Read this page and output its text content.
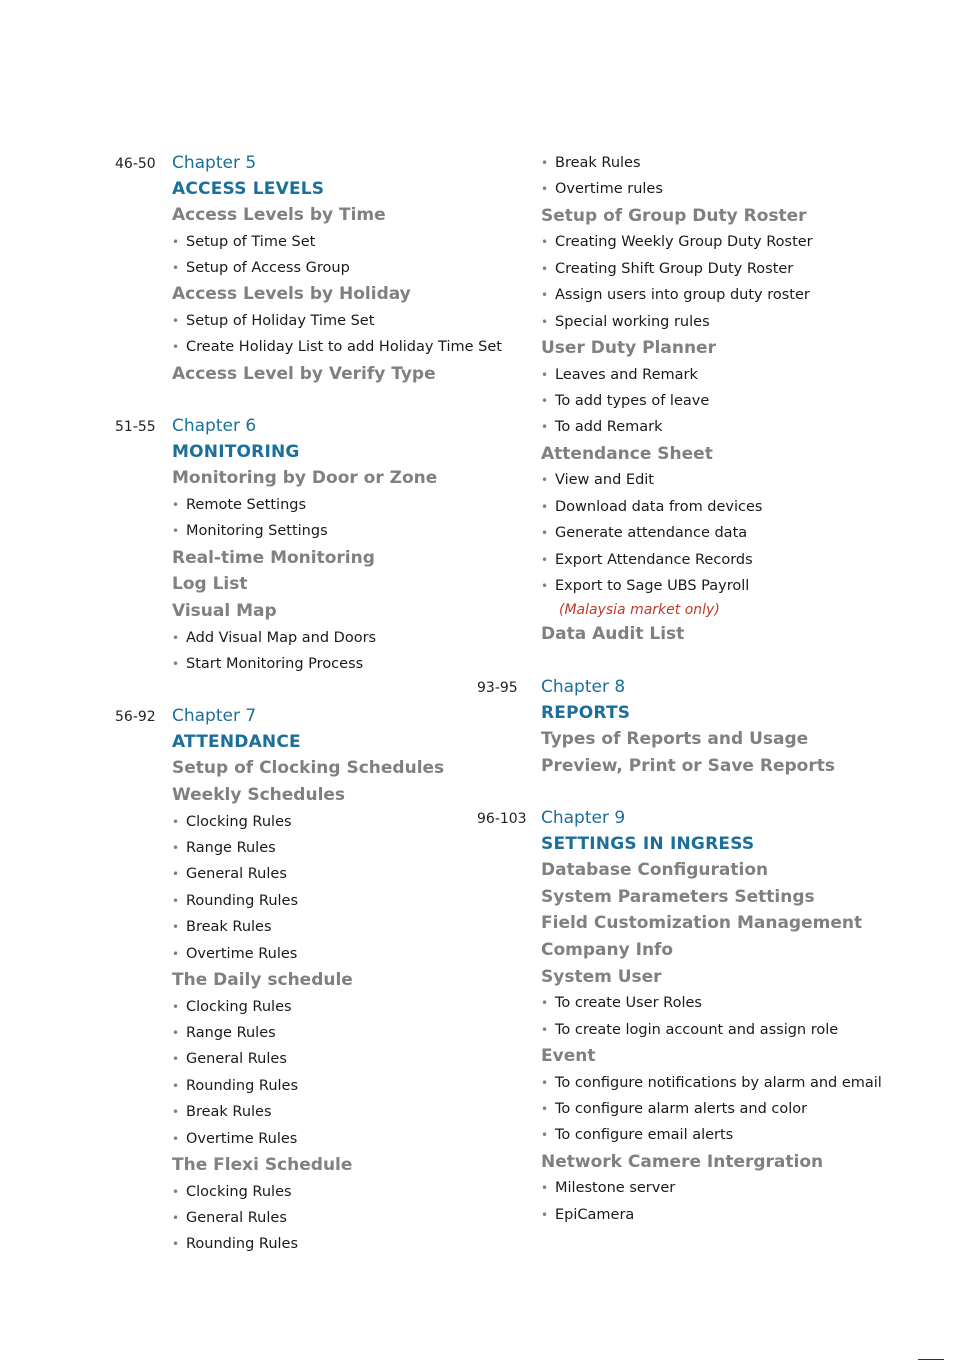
46-50 Chapter 5
ACCESS LEVELS
Access Levels by Time
• Setup of Time Set
• Setup of Access Group
Access Levels by Holiday
• Setup of Holiday Time Set
• Create Holiday List to add Holiday Time Set
Access Level by Verify Type
51-55 Chapter 6
MONITORING
Monitoring by Door or Zone
• Remote Settings
• Monitoring Settings
Real-time Monitoring
Log List
Visual Map
• Add Visual Map and Doors
• Start Monitoring Process
56-92 Chapter 7
ATTENDANCE
Setup of Clocking Schedules
Weekly Schedules
• Clocking Rules
• Range Rules
• General Rules
• Rounding Rules
• Break Rules
• Overtime Rules
The Daily schedule
• Clocking Rules
• Range Rules
• General Rules
• Rounding Rules
• Break Rules
• Overtime Rules
The Flexi Schedule
• Clocking Rules
• General Rules
• Rounding Rules
• Break Rules
• Overtime rules
Setup of Group Duty Roster
• Creating Weekly Group Duty Roster
• Creating Shift Group Duty Roster
• Assign users into group duty roster
• Special working rules
User Duty Planner
• Leaves and Remark
• To add types of leave
• To add Remark
Attendance Sheet
• View and Edit
• Download data from devices
• Generate attendance data
• Export Attendance Records
• Export to Sage UBS Payroll
(Malaysia market only)
Data Audit List
93-95 Chapter 8
REPORTS
Types of Reports and Usage
Preview, Print or Save Reports
96-103 Chapter 9
SETTINGS IN INGRESS
Database Configuration
System Parameters Settings
Field Customization Management
Company Info
System User
• To create User Roles
• To create login account and assign role
Event
• To configure notifications by alarm and email
• To configure alarm alerts and color
• To configure email alerts
Network Camere Intergration
• Milestone server
• EpiCamera
